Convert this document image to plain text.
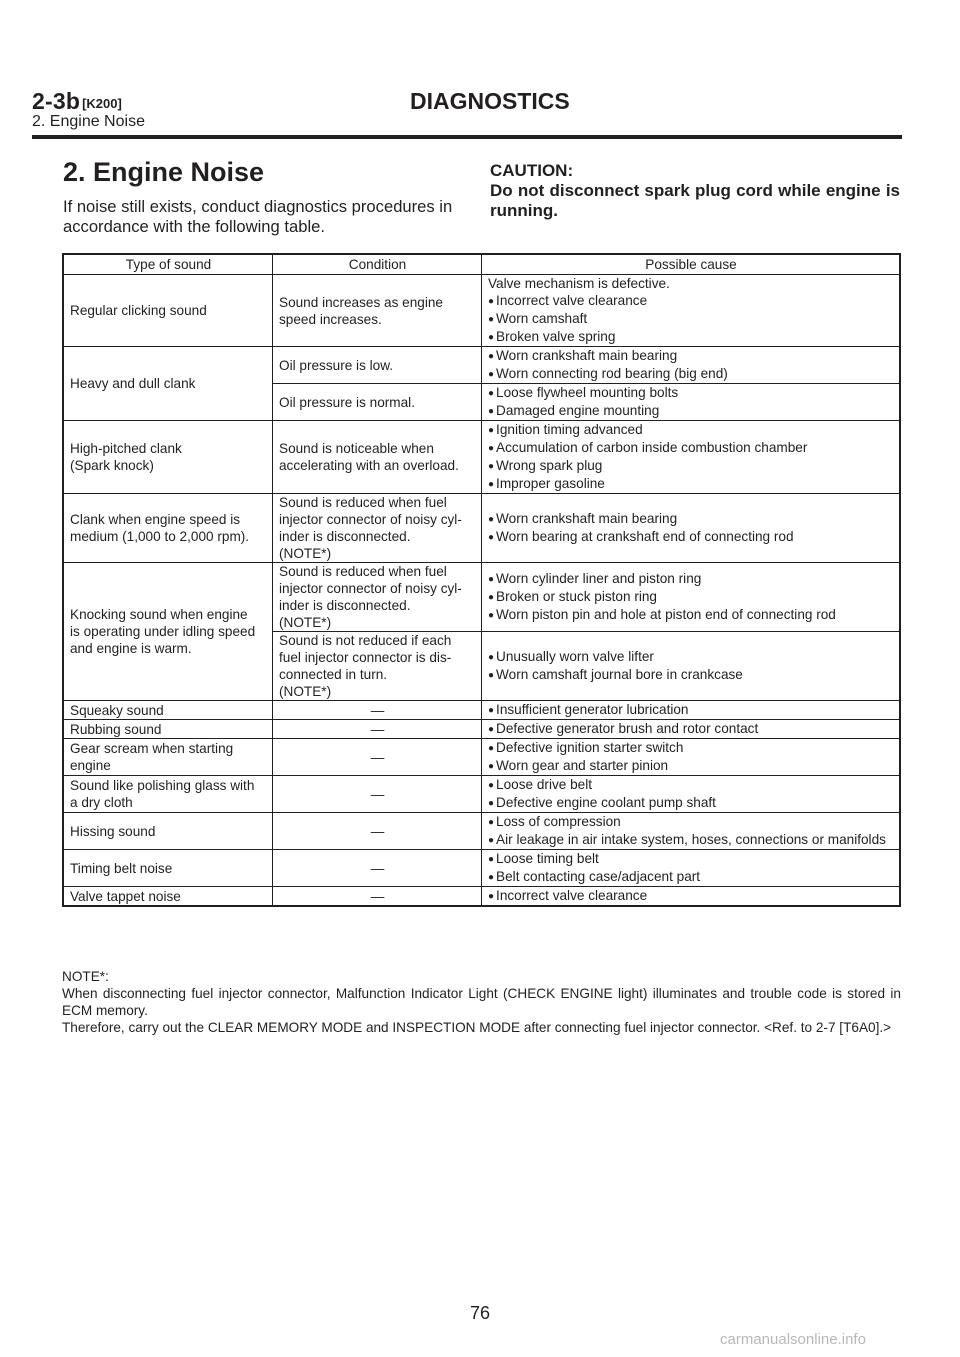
2-3b [K200]	DIAGNOSTICS
2. Engine Noise
2. Engine Noise
If noise still exists, conduct diagnostics procedures in accordance with the following table.
CAUTION:
Do not disconnect spark plug cord while engine is running.
Type of sound	Condition	Possible cause

Regular clicking sound	Sound increases as engine
speed increases.	Valve mechanism is defective.
● Incorrect valve clearance
● Worn camshaft
● Broken valve spring

Heavy and dull clank	Oil pressure is low.	● Worn crankshaft main bearing
● Worn connecting rod bearing (big end)

	Oil pressure is normal.	● Loose flywheel mounting bolts
● Damaged engine mounting

High-pitched clank
(Spark knock)	Sound is noticeable when
accelerating with an overload.	● Ignition timing advanced
● Accumulation of carbon inside combustion chamber
● Wrong spark plug
● Improper gasoline

Clank when engine speed is
medium (1,000 to 2,000 rpm).	Sound is reduced when fuel
injector connector of noisy cyl-
inder is disconnected.
(NOTE*)	● Worn crankshaft main bearing
● Worn bearing at crankshaft end of connecting rod

Knocking sound when engine
is operating under idling speed
and engine is warm.	Sound is reduced when fuel
injector connector of noisy cyl-
inder is disconnected.
(NOTE*)	● Worn cylinder liner and piston ring
● Broken or stuck piston ring
● Worn piston pin and hole at piston end of connecting rod

	Sound is not reduced if each
fuel injector connector is dis-
connected in turn.
(NOTE*)	● Unusually worn valve lifter
● Worn camshaft journal bore in crankcase

Squeaky sound	—	● Insufficient generator lubrication

Rubbing sound	—	● Defective generator brush and rotor contact

Gear scream when starting
engine	—	● Defective ignition starter switch
● Worn gear and starter pinion

Sound like polishing glass with
a dry cloth	—	● Loose drive belt
● Defective engine coolant pump shaft

Hissing sound	—	● Loss of compression
● Air leakage in air intake system, hoses, connections or manifolds

Timing belt noise	—	● Loose timing belt
● Belt contacting case/adjacent part

Valve tappet noise	—	● Incorrect valve clearance

NOTE*:

When disconnecting fuel injector connector, Malfunction Indicator Light (CHECK ENGINE light) illuminates and trouble code is stored in ECM memory.

Therefore, carry out the CLEAR MEMORY MODE and INSPECTION MODE after connecting fuel injector connector. <Ref. to 2-7 [T6A0].>

76
carmanualsonline.info
